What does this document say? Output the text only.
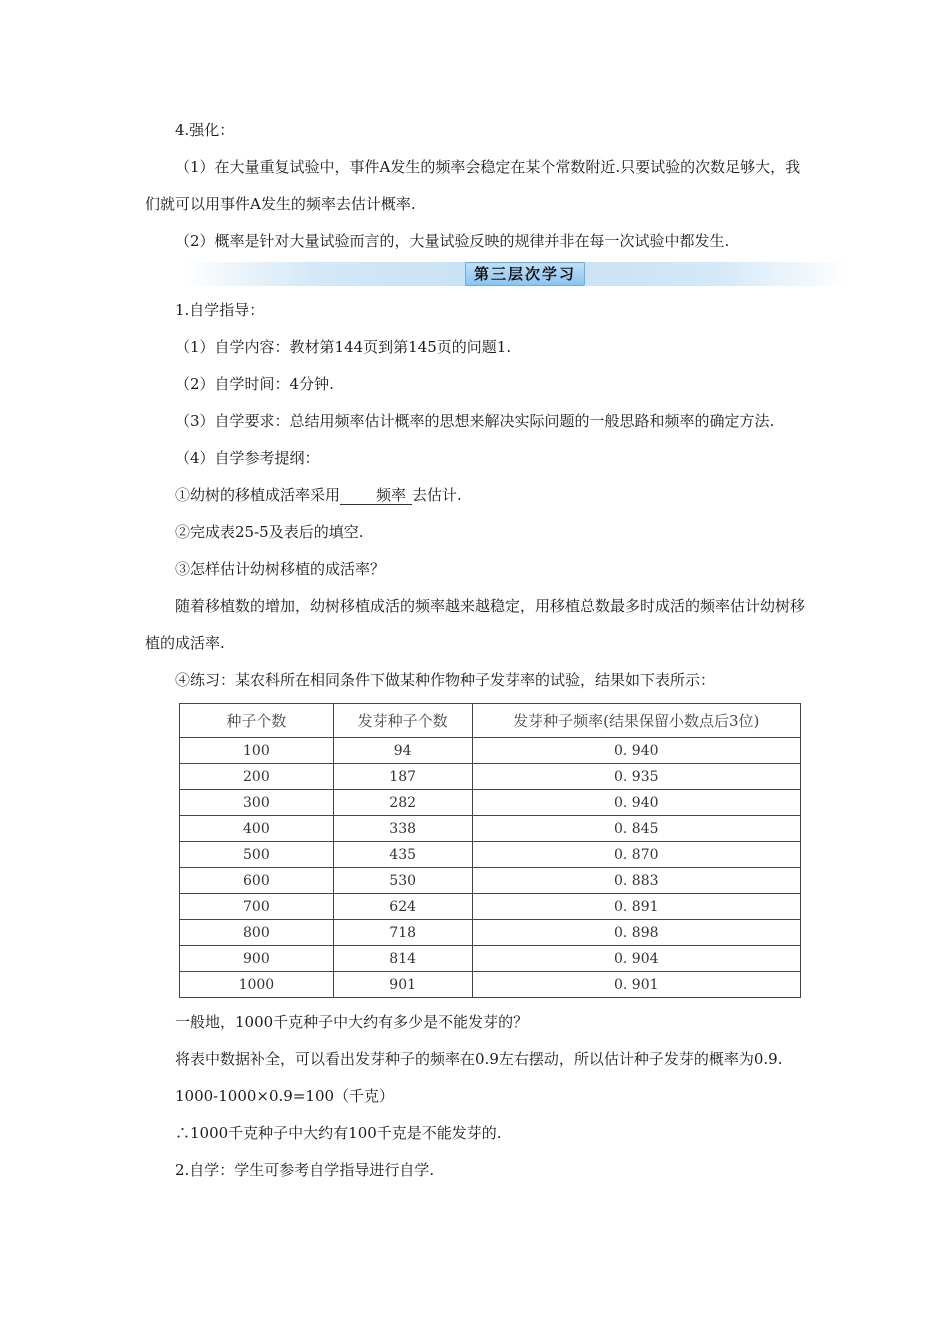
4.强化：

（1）在大量重复试验中，事件A发生的频率会稳定在某个常数附近.只要试验的次数足够大，我们就可以用事件A发生的频率去估计概率.

（2）概率是针对大量试验而言的，大量试验反映的规律并非在每一次试验中都发生.

第三层次学习

1.自学指导：

（1）自学内容：教材第144页到第145页的问题1.

（2）自学时间：4分钟.

（3）自学要求：总结用频率估计概率的思想来解决实际问题的一般思路和频率的确定方法.

（4）自学参考提纲：

①幼树的移植成活率采用 频率 去估计.

②完成表25-5及表后的填空.

③怎样估计幼树移植的成活率？

随着移植数的增加，幼树移植成活的频率越来越稳定，用移植总数最多时成活的频率估计幼树移植的成活率.

④练习：某农科所在相同条件下做某种作物种子发芽率的试验，结果如下表所示：

种子个数	发芽种子个数	发芽种子频率(结果保留小数点后3位)
100	94	0. 940
200	187	0. 935
300	282	0. 940
400	338	0. 845
500	435	0. 870
600	530	0. 883
700	624	0. 891
800	718	0. 898
900	814	0. 904
1000	901	0. 901

一般地，1000千克种子中大约有多少是不能发芽的？

将表中数据补全，可以看出发芽种子的频率在0.9左右摆动，所以估计种子发芽的概率为0.9.

1000-1000×0.9=100（千克）

∴1000千克种子中大约有100千克是不能发芽的.

2.自学：学生可参考自学指导进行自学.
